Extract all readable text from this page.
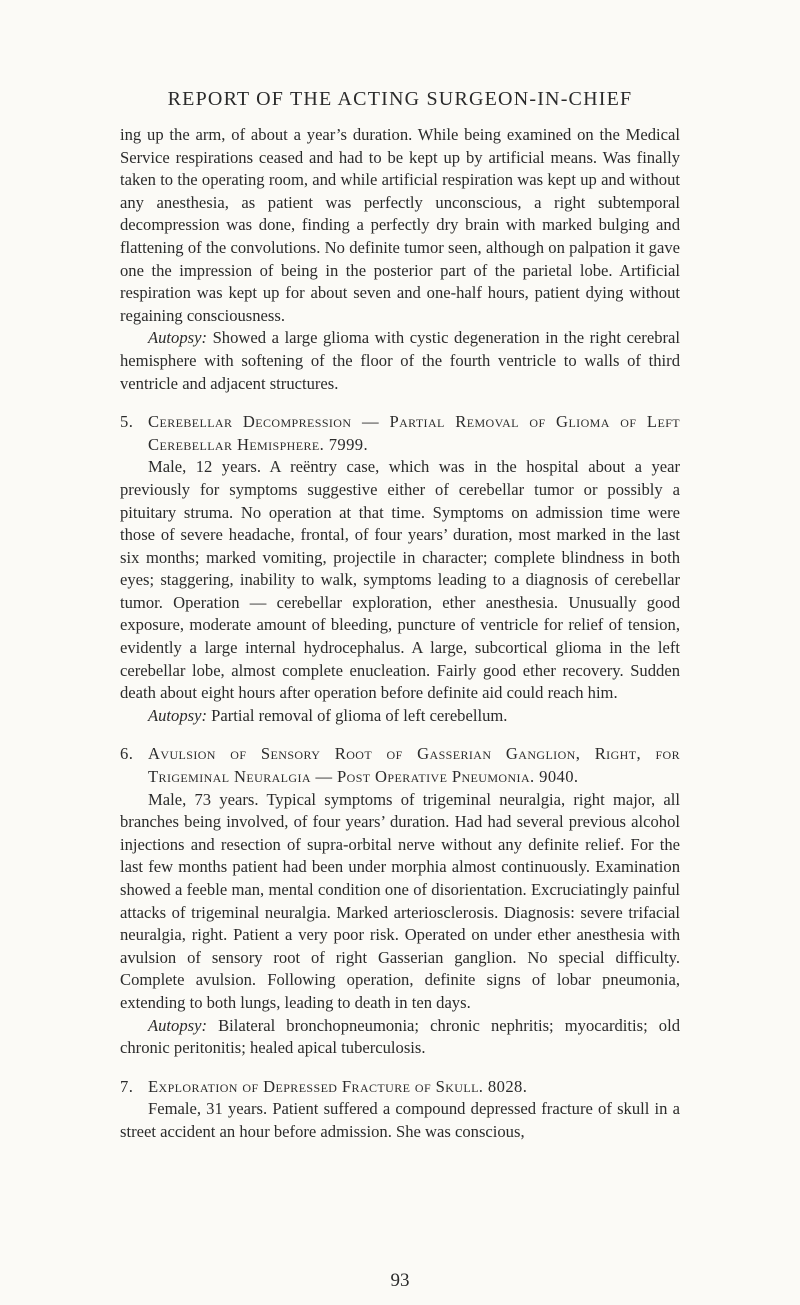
REPORT OF THE ACTING SURGEON-IN-CHIEF

ing up the arm, of about a year’s duration. While being examined on the Medical Service respirations ceased and had to be kept up by artificial means. Was finally taken to the operating room, and while artificial respiration was kept up and without any anesthesia, as patient was perfectly unconscious, a right subtemporal decompression was done, finding a perfectly dry brain with marked bulging and flattening of the convolutions. No definite tumor seen, although on palpation it gave one the impression of being in the posterior part of the parietal lobe. Artificial respiration was kept up for about seven and one-half hours, patient dying without regaining consciousness.

Autopsy: Showed a large glioma with cystic degeneration in the right cerebral hemisphere with softening of the floor of the fourth ventricle to walls of third ventricle and adjacent structures.

5. Cerebellar Decompression — Partial Removal of Glioma of Left Cerebellar Hemisphere. 7999.

Male, 12 years. A reëntry case, which was in the hospital about a year previously for symptoms suggestive either of cerebellar tumor or possibly a pituitary struma. No operation at that time. Symptoms on admission time were those of severe headache, frontal, of four years’ duration, most marked in the last six months; marked vomiting, projectile in character; complete blindness in both eyes; staggering, inability to walk, symptoms leading to a diagnosis of cerebellar tumor. Operation — cerebellar exploration, ether anesthesia. Unusually good exposure, moderate amount of bleeding, puncture of ventricle for relief of tension, evidently a large internal hydrocephalus. A large, subcortical glioma in the left cerebellar lobe, almost complete enucleation. Fairly good ether recovery. Sudden death about eight hours after operation before definite aid could reach him.

Autopsy: Partial removal of glioma of left cerebellum.

6. Avulsion of Sensory Root of Gasserian Ganglion, Right, for Trigeminal Neuralgia — Post Operative Pneumonia. 9040.

Male, 73 years. Typical symptoms of trigeminal neuralgia, right major, all branches being involved, of four years’ duration. Had had several previous alcohol injections and resection of supra-orbital nerve without any definite relief. For the last few months patient had been under morphia almost continuously. Examination showed a feeble man, mental condition one of disorientation. Excruciatingly painful attacks of trigeminal neuralgia. Marked arteriosclerosis. Diagnosis: severe trifacial neuralgia, right. Patient a very poor risk. Operated on under ether anesthesia with avulsion of sensory root of right Gasserian ganglion. No special difficulty. Complete avulsion. Following operation, definite signs of lobar pneumonia, extending to both lungs, leading to death in ten days.

Autopsy: Bilateral bronchopneumonia; chronic nephritis; myocarditis; old chronic peritonitis; healed apical tuberculosis.

7. Exploration of Depressed Fracture of Skull. 8028.

Female, 31 years. Patient suffered a compound depressed fracture of skull in a street accident an hour before admission. She was conscious,

93
